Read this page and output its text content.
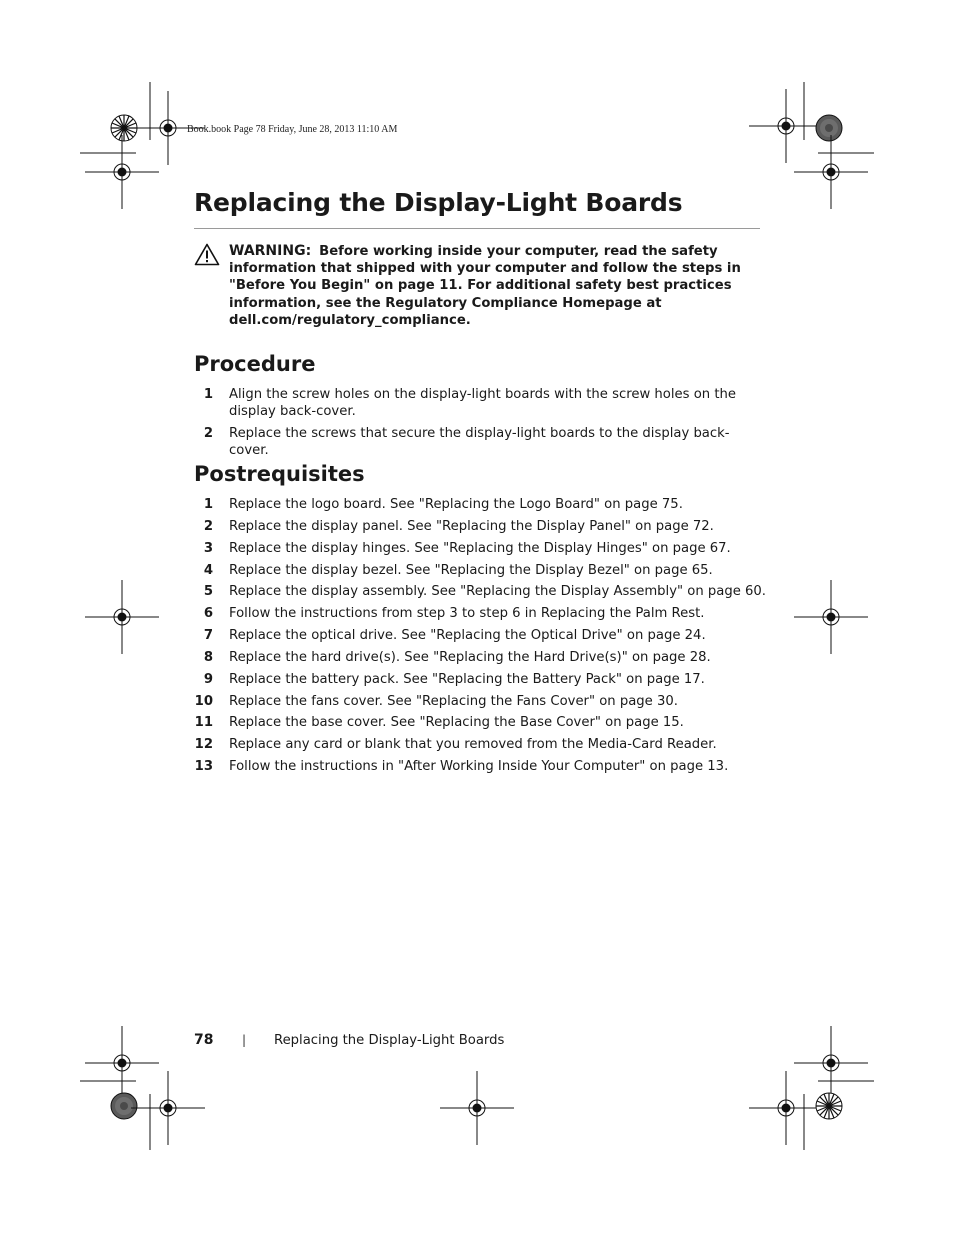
Book.book Page 78 Friday, June 28, 2013 11:10 AM
Replacing the Display-Light Boards
WARNING: Before working inside your computer, read the safety information that shipped with your computer and follow the steps in "Before You Begin" on page 11. For additional safety best practices information, see the Regulatory Compliance Homepage at dell.com/regulatory_compliance.
Procedure
1 Align the screw holes on the display-light boards with the screw holes on the display back-cover.
2 Replace the screws that secure the display-light boards to the display back-cover.
Postrequisites
1 Replace the logo board. See "Replacing the Logo Board" on page 75.
2 Replace the display panel. See "Replacing the Display Panel" on page 72.
3 Replace the display hinges. See "Replacing the Display Hinges" on page 67.
4 Replace the display bezel. See "Replacing the Display Bezel" on page 65.
5 Replace the display assembly. See "Replacing the Display Assembly" on page 60.
6 Follow the instructions from step 3 to step 6 in Replacing the Palm Rest.
7 Replace the optical drive. See "Replacing the Optical Drive" on page 24.
8 Replace the hard drive(s). See "Replacing the Hard Drive(s)" on page 28.
9 Replace the battery pack. See "Replacing the Battery Pack" on page 17.
10 Replace the fans cover. See "Replacing the Fans Cover" on page 30.
11 Replace the base cover. See "Replacing the Base Cover" on page 15.
12 Replace any card or blank that you removed from the Media-Card Reader.
13 Follow the instructions in "After Working Inside Your Computer" on page 13.
78 | Replacing the Display-Light Boards
